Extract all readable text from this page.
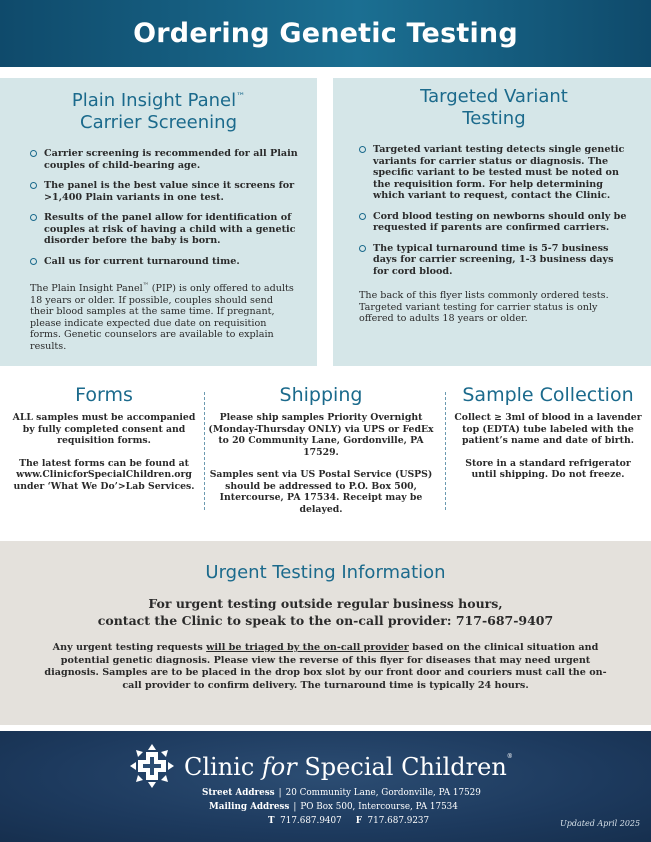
Ordering Genetic Testing
Plain Insight Panel™
Carrier Screening
Carrier screening is recommended for all Plain couples of child-bearing age.
The panel is the best value since it screens for >1,400 Plain variants in one test.
Results of the panel allow for identification of couples at risk of having a child with a genetic disorder before the baby is born.
Call us for current turnaround time.

The Plain Insight Panel™ (PIP) is only offered to adults 18 years or older. If possible, couples should send their blood samples at the same time. If pregnant, please indicate expected due date on requisition forms. Genetic counselors are available to explain results.

Targeted Variant
Testing
Targeted variant testing detects single genetic variants for carrier status or diagnosis. The specific variant to be tested must be noted on the requisition form. For help determining which variant to request, contact the Clinic.
Cord blood testing on newborns should only be requested if parents are confirmed carriers.
The typical turnaround time is 5-7 business days for carrier screening, 1-3 business days for cord blood.

The back of this flyer lists commonly ordered tests. Targeted variant testing for carrier status is only offered to adults 18 years or older.

Forms

ALL samples must be accompanied by fully completed consent and requisition forms.

The latest forms can be found at www.ClinicforSpecialChildren.org under ‘What We Do’>Lab Services.

Shipping

Please ship samples Priority Overnight (Monday-Thursday ONLY) via UPS or FedEx to 20 Community Lane, Gordonville, PA 17529.

Samples sent via US Postal Service (USPS) should be addressed to P.O. Box 500, Intercourse, PA 17534. Receipt may be delayed.

Sample Collection

Collect ≥ 3ml of blood in a lavender top (EDTA) tube labeled with the patient’s name and date of birth.

Store in a standard refrigerator until shipping. Do not freeze.

Urgent Testing Information
For urgent testing outside regular business hours,
contact the Clinic to speak to the on-call provider: 717-687-9407

Any urgent testing requests will be triaged by the on-call provider based on the clinical situation and potential genetic diagnosis. Please view the reverse of this flyer for diseases that may need urgent diagnosis. Samples are to be placed in the drop box slot by our front door and couriers must call the on-call provider to confirm delivery. The turnaround time is typically 24 hours.

Clinic for Special Children®
Street Address | 20 Community Lane, Gordonville, PA 17529
Mailing Address | PO Box 500, Intercourse, PA 17534
T 717.687.9407 F 717.687.9237	Updated April 2025
